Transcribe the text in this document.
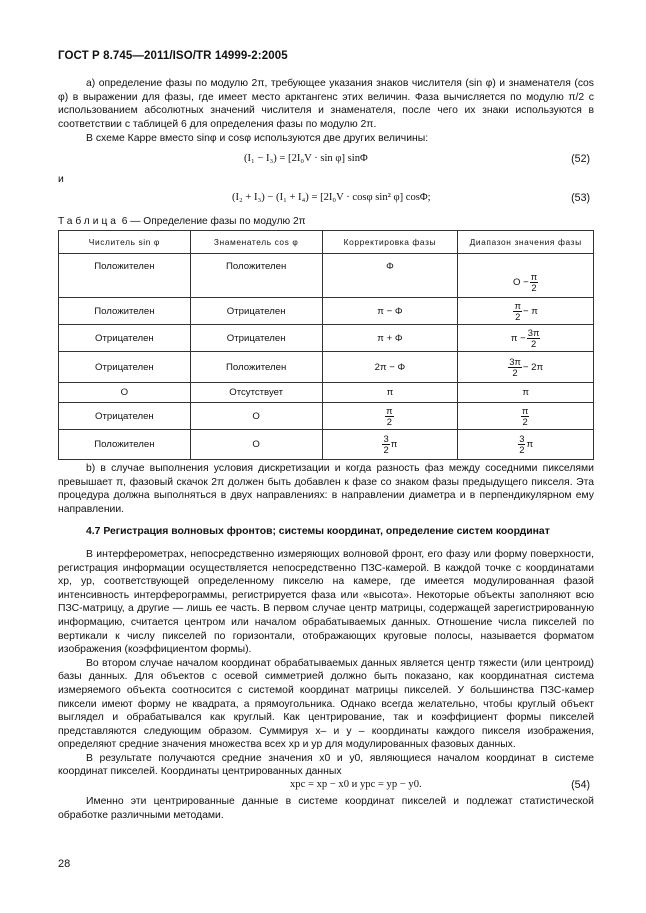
ГОСТ Р 8.745—2011/ISO/TR 14999-2:2005

a) определение фазы по модулю 2π, требующее указания знаков числителя (sin φ) и знаменателя (cos φ) в выражении для фазы, где имеет место арктангенс этих величин. Фаза вычисляется по модулю π/2 с использованием абсолютных значений числителя и знаменателя, после чего их знаки используются в соответствии с таблицей 6 для определения фазы по модулю 2π.

В схеме Карре вместо sinφ и cosφ используются две других величины:

(I₁ − I₃) = [2I₀V · sin φ] sinΦ	(52)
и
(I₂ + I₃) − (I₁ + I₄) = [2I₀V · cosφ sin² φ] cosΦ;	(53)
Таблица 6 — Определение фазы по модулю 2π
Числитель sin φ	Знаменатель cos φ	Корректировка фазы	Диапазон значения фазы
Положителен	Положителен	Φ	$O - \frac{\pi}{2}$

Положителен	Отрицателен	π − Φ	$\frac{\pi}{2} - \pi$

Отрицателен	Отрицателен	π + Φ	$\pi - \frac{3\pi}{2}$

Отрицателен	Положителен	2π − Φ	$\frac{3\pi}{2} - 2\pi$

O	Отсутствует	π	π
Отрицателен	O	$\frac{\pi}{2}$	$\frac{\pi}{2}$

Положителен	O	$\frac{3}{2}$ π	$\frac{3}{2}$ π

b) в случае выполнения условия дискретизации и когда разность фаз между соседними пикселями превышает π, фазовый скачок 2π должен быть добавлен к фазе со знаком фазы предыдущего пикселя. Эта процедура должна выполняться в двух направлениях: в направлении диаметра и в перпендикулярном ему направлении.

4.7 Регистрация волновых фронтов; системы координат, определение систем координат

В интерферометрах, непосредственно измеряющих волновой фронт, его фазу или форму поверхности, регистрация информации осуществляется непосредственно ПЗС-камерой. В каждой точке с координатами xp, yp, соответствующей определенному пикселю на камере, где имеется модулированная фазой интенсивность интерферограммы, регистрируется фаза или «высота». Некоторые объекты заполняют всю ПЗС-матрицу, а другие — лишь ее часть. В первом случае центр матрицы, содержащей зарегистрированную информацию, считается центром или началом обрабатываемых данных. Отношение числа пикселей по вертикали к числу пикселей по горизонтали, отображающих круговые полосы, называется форматом изображения (коэффициентом формы).

Во втором случае началом координат обрабатываемых данных является центр тяжести (или центроид) базы данных. Для объектов с осевой симметрией должно быть показано, как координатная система измеряемого объекта соотносится с системой координат матрицы пикселей. У большинства ПЗС-камер пиксели имеют форму не квадрата, а прямоугольника. Однако всегда желательно, чтобы круглый объект выглядел и обрабатывался как круглый. Как центрирование, так и коэффициент формы пикселей представляются следующим образом. Суммируя x– и y – координаты каждого пикселя изображения, определяют средние значения множества всех xp и yp для модулированных фазовых данных.

В результате получаются средние значения x0 и y0, являющиеся началом координат в системе координат пикселей. Координаты центрированных данных

xpc = xp − x0 и ypc = yp − y0.	(54)

Именно эти центрированные данные в системе координат пикселей и подлежат статистической обработке различными методами.

28
